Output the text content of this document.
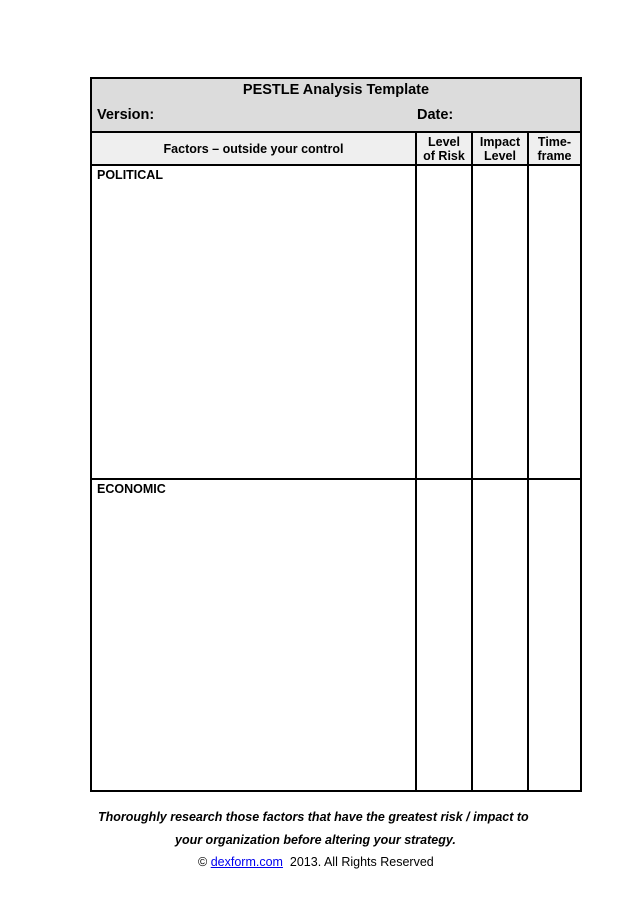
PESTLE Analysis Template
Version:	Date:
Factors – outside your control	Level
of Risk
Impact
Level
Time-
frame
POLITICAL
ECONOMIC
Thoroughly research those factors that have the greatest risk / impact to
your organization before altering your strategy.
© dexform.com 2013. All Rights Reserved
